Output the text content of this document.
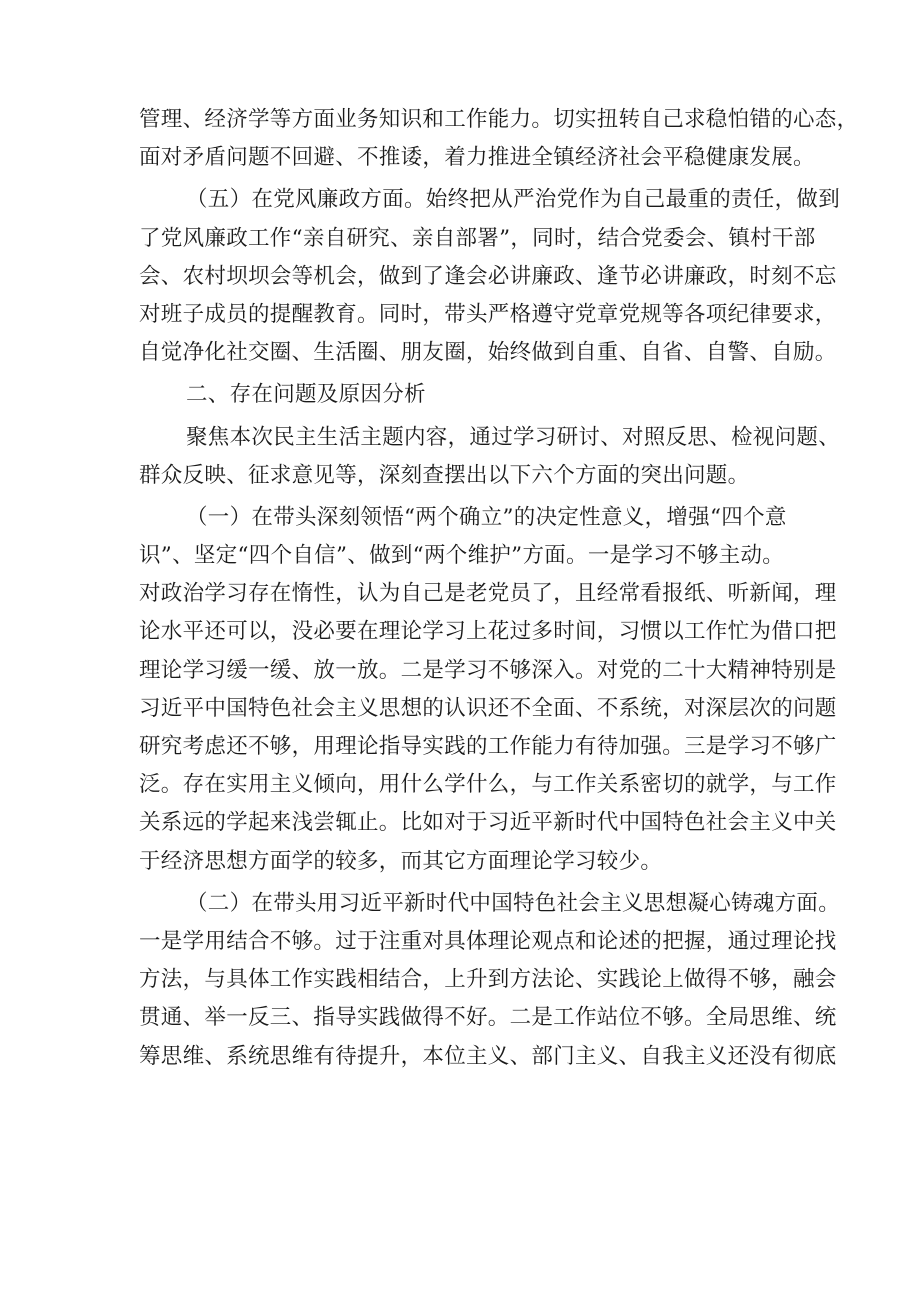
管理、经济学等方面业务知识和工作能力。切实扭转自己求稳怕错的心态，
面对矛盾问题不回避、不推诿，着力推进全镇经济社会平稳健康发展。
（五）在党风廉政方面。始终把从严治党作为自己最重的责任，做到
了党风廉政工作“亲自研究、亲自部署”，同时，结合党委会、镇村干部
会、农村坝坝会等机会，做到了逢会必讲廉政、逢节必讲廉政，时刻不忘
对班子成员的提醒教育。同时，带头严格遵守党章党规等各项纪律要求，
自觉净化社交圈、生活圈、朋友圈，始终做到自重、自省、自警、自励。
二、存在问题及原因分析
聚焦本次民主生活主题内容，通过学习研讨、对照反思、检视问题、
群众反映、征求意见等，深刻查摆出以下六个方面的突出问题。
（一）在带头深刻领悟“两个确立”的决定性意义，增强“四个意
识”、坚定“四个自信”、做到“两个维护”方面。一是学习不够主动。
对政治学习存在惰性，认为自己是老党员了，且经常看报纸、听新闻，理
论水平还可以，没必要在理论学习上花过多时间，习惯以工作忙为借口把
理论学习缓一缓、放一放。二是学习不够深入。对党的二十大精神特别是
习近平中国特色社会主义思想的认识还不全面、不系统，对深层次的问题
研究考虑还不够，用理论指导实践的工作能力有待加强。三是学习不够广
泛。存在实用主义倾向，用什么学什么，与工作关系密切的就学，与工作
关系远的学起来浅尝辄止。比如对于习近平新时代中国特色社会主义中关
于经济思想方面学的较多，而其它方面理论学习较少。
（二）在带头用习近平新时代中国特色社会主义思想凝心铸魂方面。
一是学用结合不够。过于注重对具体理论观点和论述的把握，通过理论找
方法，与具体工作实践相结合，上升到方法论、实践论上做得不够，融会
贯通、举一反三、指导实践做得不好。二是工作站位不够。全局思维、统
筹思维、系统思维有待提升，本位主义、部门主义、自我主义还没有彻底
